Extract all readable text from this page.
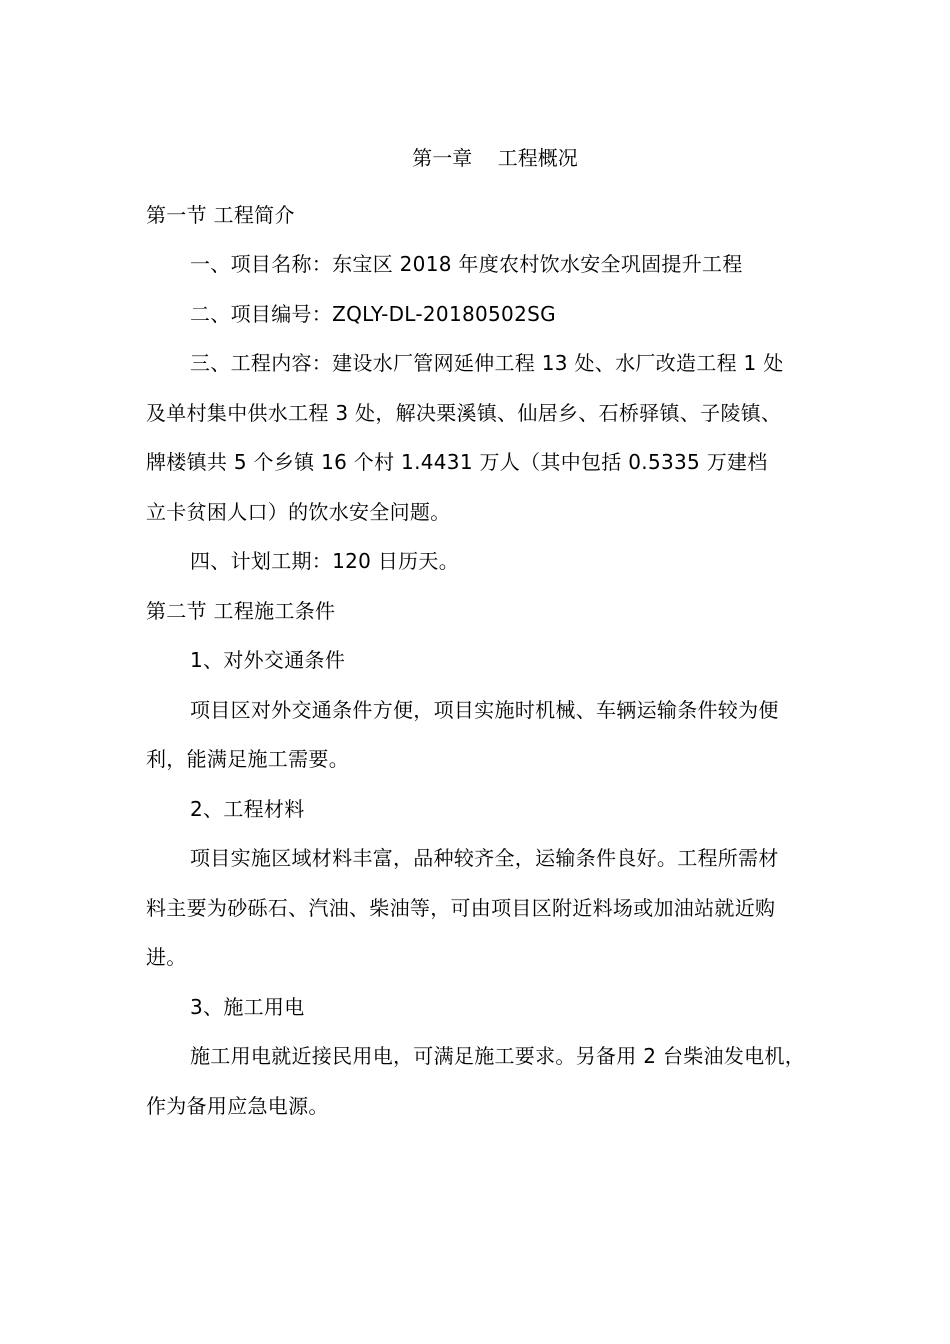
第一章    工程概况
第一节 工程简介
一、项目名称：东宝区 2018 年度农村饮水安全巩固提升工程
二、项目编号：ZQLY-DL-20180502SG
三、工程内容：建设水厂管网延伸工程 13 处、水厂改造工程 1 处
及单村集中供水工程 3 处，解决栗溪镇、仙居乡、石桥驿镇、子陵镇、
牌楼镇共 5 个乡镇 16 个村 1.4431 万人（其中包括 0.5335 万建档
立卡贫困人口）的饮水安全问题。
四、计划工期：120 日历天。
第二节 工程施工条件
1、对外交通条件
项目区对外交通条件方便，项目实施时机械、车辆运输条件较为便
利，能满足施工需要。
2、工程材料
项目实施区域材料丰富，品种较齐全，运输条件良好。工程所需材
料主要为砂砾石、汽油、柴油等，可由项目区附近料场或加油站就近购
进。
3、施工用电
施工用电就近接民用电，可满足施工要求。另备用 2 台柴油发电机，
作为备用应急电源。
